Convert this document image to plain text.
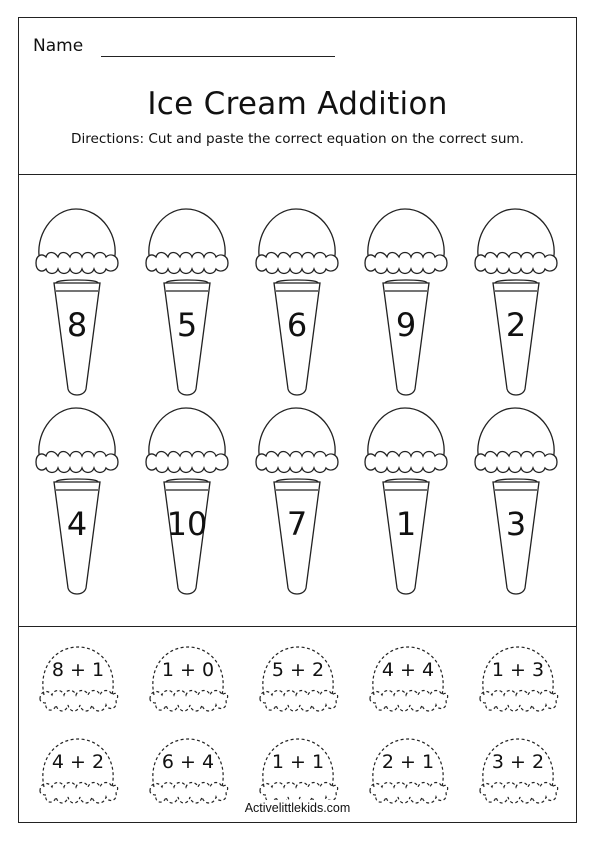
Name
Ice Cream Addition
Directions: Cut and paste the correct equation on the correct sum.
8	5	6	9	2
4	10	7	1	3
8 + 1	1 + 0	5 + 2	4 + 4	1 + 3
4 + 2	6 + 4	1 + 1	2 + 1	3 + 2
Activelittlekids.com
